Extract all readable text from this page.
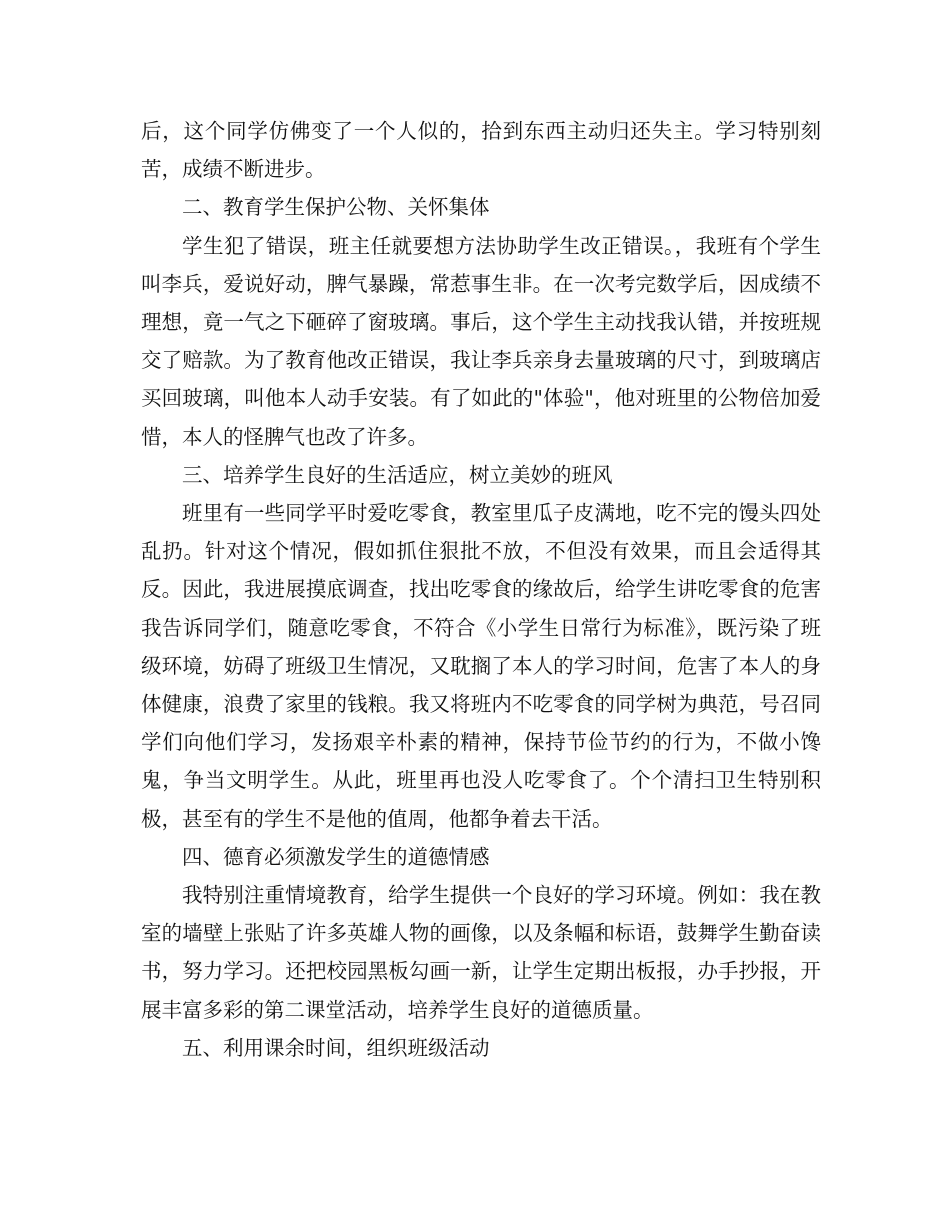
后，这个同学仿佛变了一个人似的，拾到东西主动归还失主。学习特别刻苦，成绩不断进步。

二、教育学生保护公物、关怀集体

学生犯了错误，班主任就要想方法协助学生改正错误。，我班有个学生叫李兵，爱说好动，脾气暴躁，常惹事生非。在一次考完数学后，因成绩不理想，竟一气之下砸碎了窗玻璃。事后，这个学生主动找我认错，并按班规交了赔款。为了教育他改正错误，我让李兵亲身去量玻璃的尺寸，到玻璃店买回玻璃，叫他本人动手安装。有了如此的"体验"，他对班里的公物倍加爱惜，本人的怪脾气也改了许多。

三、培养学生良好的生活适应，树立美妙的班风

班里有一些同学平时爱吃零食，教室里瓜子皮满地，吃不完的馒头四处乱扔。针对这个情况，假如抓住狠批不放，不但没有效果，而且会适得其反。因此，我进展摸底调查，找出吃零食的缘故后，给学生讲吃零食的危害我告诉同学们，随意吃零食，不符合《小学生日常行为标准》，既污染了班级环境，妨碍了班级卫生情况，又耽搁了本人的学习时间，危害了本人的身体健康，浪费了家里的钱粮。我又将班内不吃零食的同学树为典范，号召同学们向他们学习，发扬艰辛朴素的精神，保持节俭节约的行为，不做小馋鬼，争当文明学生。从此，班里再也没人吃零食了。个个清扫卫生特别积极，甚至有的学生不是他的值周，他都争着去干活。

四、德育必须激发学生的道德情感

我特别注重情境教育，给学生提供一个良好的学习环境。例如：我在教室的墙壁上张贴了许多英雄人物的画像，以及条幅和标语，鼓舞学生勤奋读书，努力学习。还把校园黑板勾画一新，让学生定期出板报，办手抄报，开展丰富多彩的第二课堂活动，培养学生良好的道德质量。

五、利用课余时间，组织班级活动
